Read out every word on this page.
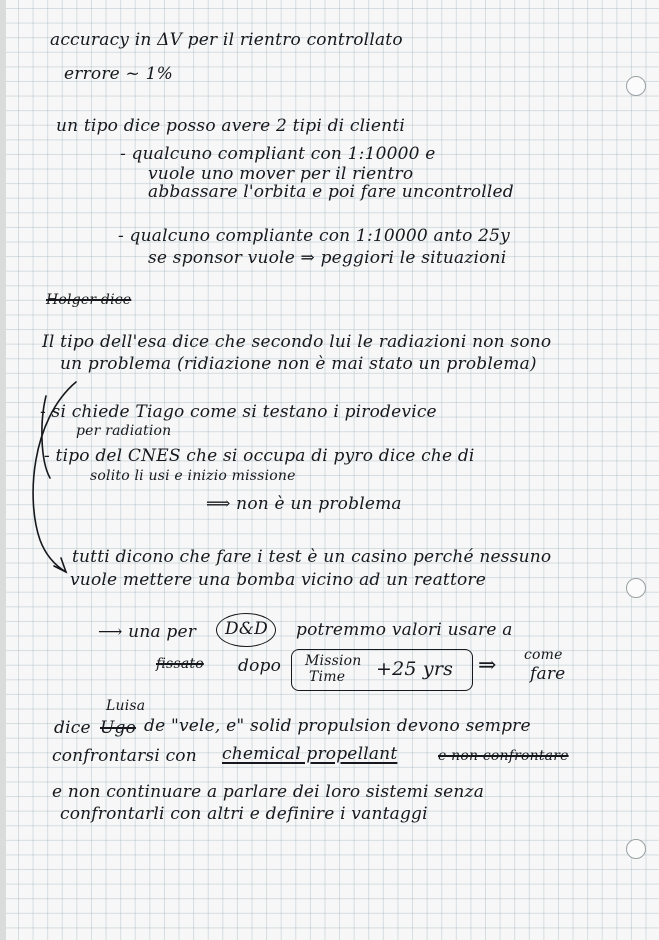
accuracy in ΔV per il rientro controllato
errore ~ 1%
un tipo dice posso avere 2 tipi di clienti
- qualcuno compliant con 1:10000 e
vuole uno mover per il rientro
abbassare l'orbita e poi fare uncontrolled
- qualcuno compliante con 1:10000 anto 25y
se sponsor vuole ⇒ peggiori le situazioni
Holger dice
Il tipo dell'esa dice che secondo lui le radiazioni non sono
un problema (ridiazione non è mai stato un problema)
- si chiede Tiago come si testano i pirodevice
per radiation
- tipo del CNES che si occupa di pyro dice che di
solito li usi e inizio missione
⟹ non è un problema
tutti dicono che fare i test è un casino perché nessuno
vuole mettere una bomba vicino ad un reattore
⟶ una per D&D potremmo valori usare a
fissato dopo Mission
Time +25 yrs ⇒ come
fare
Luisa
dice Ugo de "vele, e" solid propulsion devono sempre
confrontarsi con chemical propellant	e non confrontare
e non continuare a parlare dei loro sistemi senza
confrontarli con altri e definire i vantaggi
